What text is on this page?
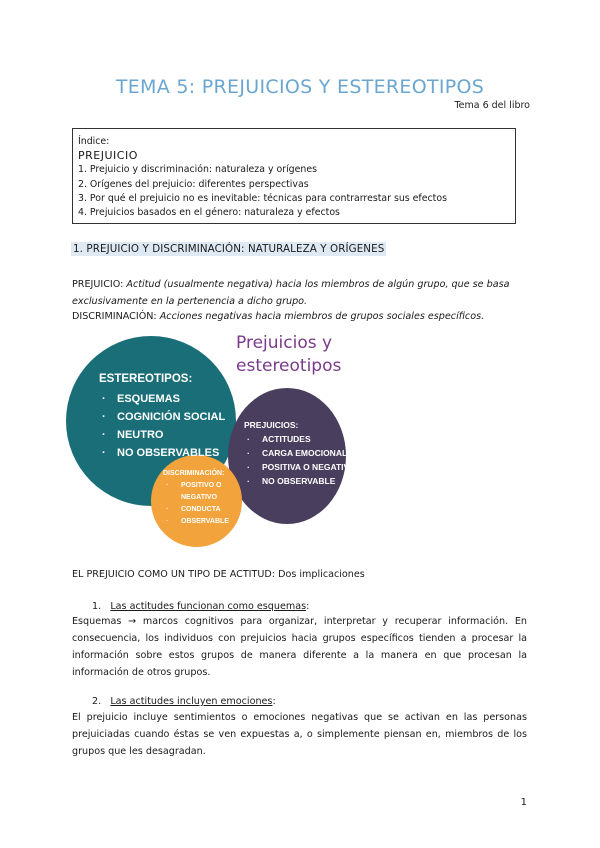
TEMA 5: PREJUICIOS Y ESTEREOTIPOS
Tema 6 del libro
Índice:
PREJUICIO
1. Prejuicio y discriminación: naturaleza y orígenes
2. Orígenes del prejuicio: diferentes perspectivas
3. Por qué el prejuicio no es inevitable: técnicas para contrarrestar sus efectos
4. Prejuicios basados en el género: naturaleza y efectos
1. PREJUICIO Y DISCRIMINACIÓN: NATURALEZA Y ORÍGENES
PREJUICIO: Actitud (usualmente negativa) hacia los miembros de algún grupo, que se basa exclusivamente en la pertenencia a dicho grupo.
DISCRIMINACIÓN: Acciones negativas hacia miembros de grupos sociales específicos.
Prejuicios y
estereotipos
ESTEREOTIPOS:
· ESQUEMAS
· COGNICIÓN SOCIAL
· NEUTRO
· NO OBSERVABLES
PREJUICIOS:
· ACTITUDES
· CARGA EMOCIONAL
· POSITIVA O NEGATIVA
· NO OBSERVABLE
DISCRIMINACIÓN:
· POSITIVO O
NEGATIVO
· CONDUCTA
· OBSERVABLE
EL PREJUICIO COMO UN TIPO DE ACTITUD: Dos implicaciones
1. Las actitudes funcionan como esquemas:
Esquemas → marcos cognitivos para organizar, interpretar y recuperar información. En consecuencia, los individuos con prejuicios hacia grupos específicos tienden a procesar la información sobre estos grupos de manera diferente a la manera en que procesan la información de otros grupos.
2. Las actitudes incluyen emociones:
El prejuicio incluye sentimientos o emociones negativas que se activan en las personas prejuiciadas cuando éstas se ven expuestas a, o simplemente piensan en, miembros de los grupos que les desagradan.
1
